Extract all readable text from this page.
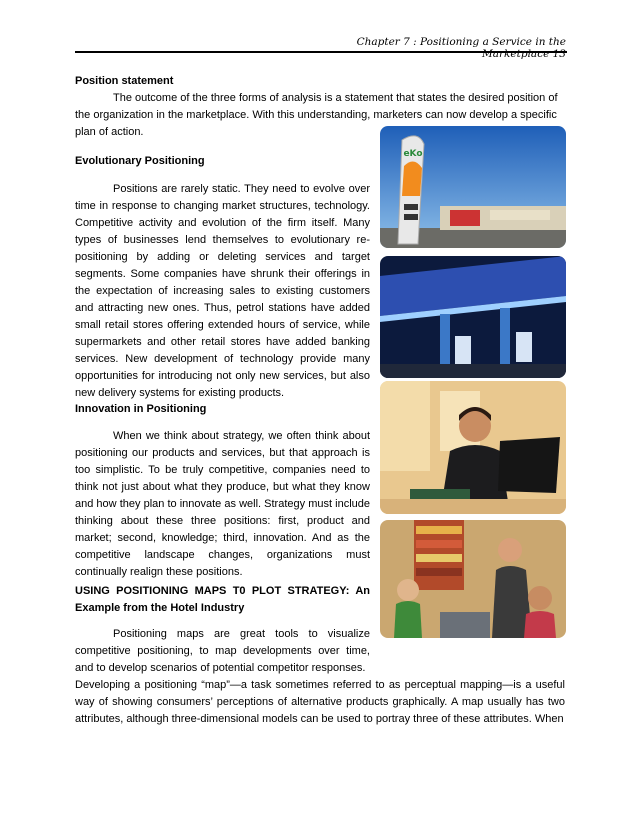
Chapter 7 : Positioning a Service in the Marketplace 13
Position statement

The outcome of the three forms of analysis is a statement that states the desired position of the organization in the marketplace. With this understanding, marketers can now develop a specific plan of action.

Evolutionary Positioning

Positions are rarely static. They need to evolve over time in response to changing market structures, technology. Competitive activity and evolution of the firm itself. Many types of businesses lend themselves to evolutionary re-positioning by adding or deleting services and target segments. Some companies have shrunk their offerings in the expectation of increasing sales to existing customers and attracting new ones. Thus, petrol stations have added small retail stores offering extended hours of service, while supermarkets and other retail stores have added banking services. New development of technology provide many opportunities for introducing not only new services, but also new delivery systems for existing products.

Innovation in Positioning

When we think about strategy, we often think about positioning our products and services, but that approach is too simplistic. To be truly competitive, companies need to think not just about what they produce, but what they know and how they plan to innovate as well. Strategy must include thinking about these three positions: first, product and market; second, knowledge; third, innovation. And as the competitive landscape changes, organizations must continually realign these positions.

USING POSITIONING MAPS T0 PLOT STRATEGY: An Example from the Hotel Industry

Positioning maps are great tools to visualize competitive positioning, to map developments over time, and to develop scenarios of potential competitor responses.

Developing a positioning “map”—a task sometimes referred to as perceptual mapping—is a useful way of showing consumers’ perceptions of alternative products graphically. A map usually has two attributes, although three-dimensional models can be used to portray three of these attributes. When

eKo
